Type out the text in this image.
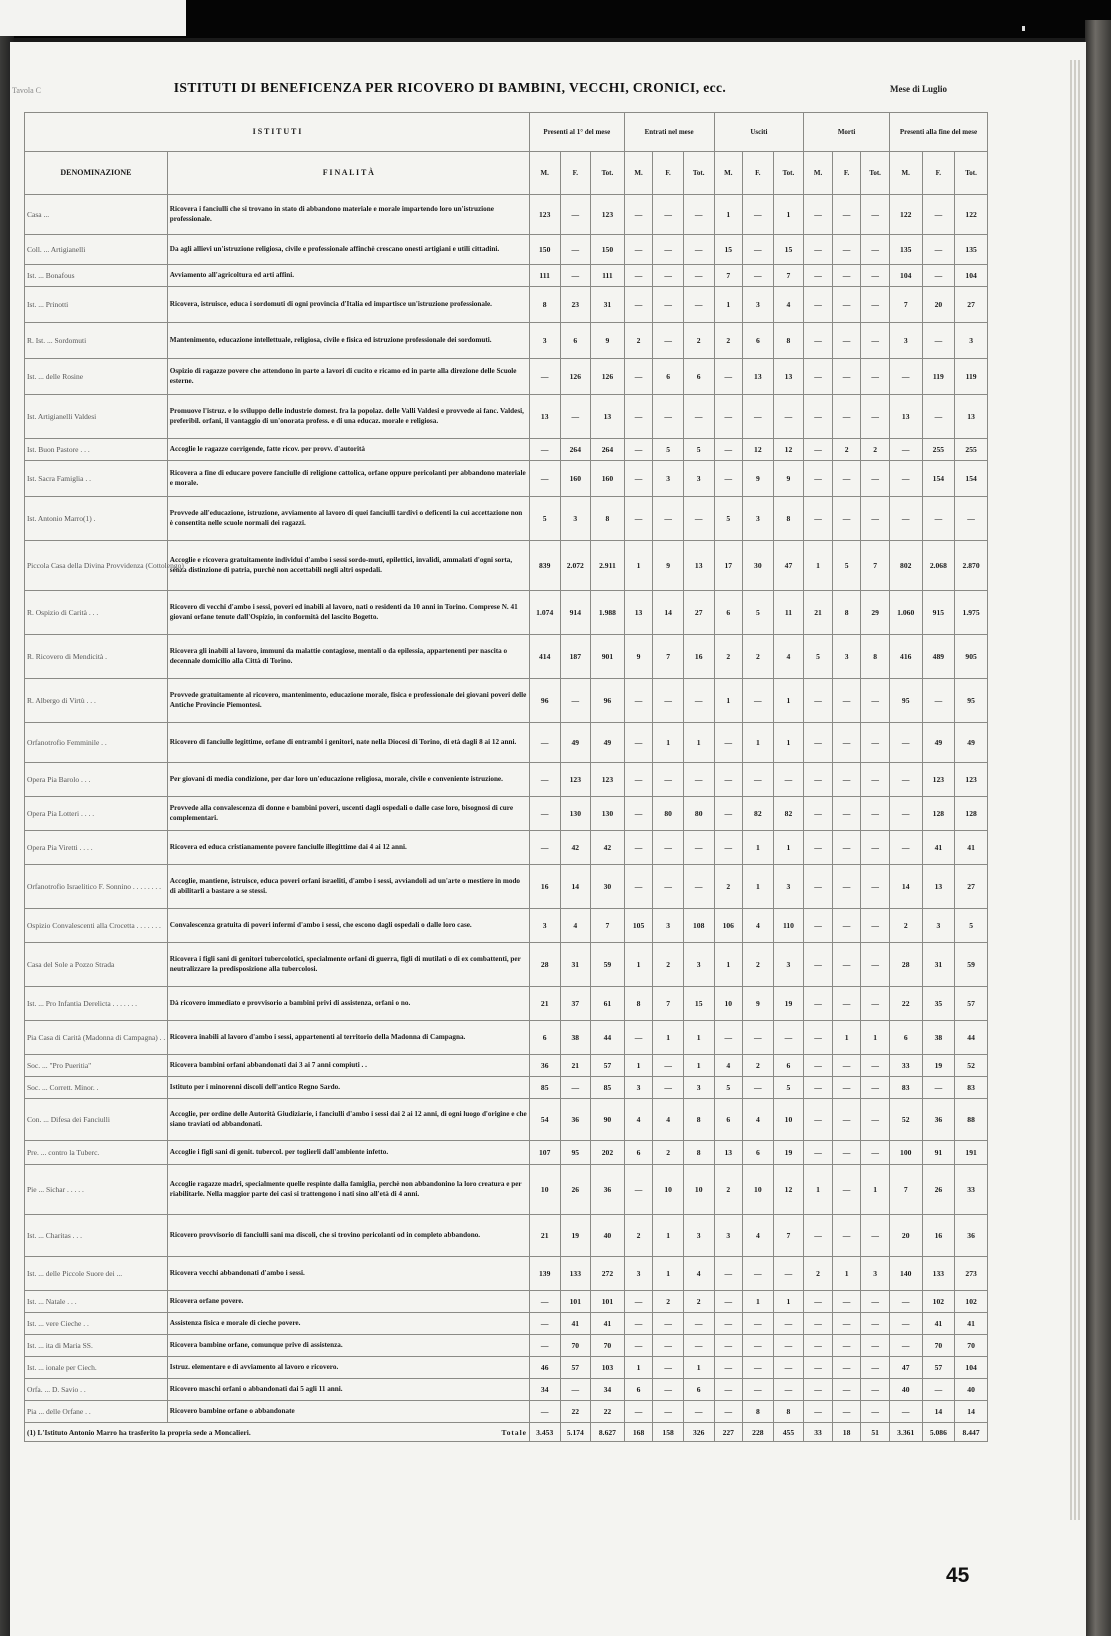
Tavola C	ISTITUTI DI BENEFICENZA PER RICOVERO DI BAMBINI, VECCHI, CRONICI, ecc.	Mese di Luglio
I S T I T U T I		Presenti al 1° del mese			Entrati nel mese			Usciti			Morti			Presenti alla fine del mese		
DENOMINAZIONE	F I N A L I T À	M.	F.	Tot.	M.	F.	Tot.	M.	F.	Tot.	M.	F.	Tot.	M.	F.	Tot.
Casa ...	Ricovera i fanciulli che si trovano in stato di abbandono materiale e morale impartendo loro un'istruzione professionale.	123	—	123	—	—	—	1	—	1	—	—	—	122	—	122
Coll. ... Artigianelli	Da agli allievi un'istruzione religiosa, civile e professionale affinchè crescano onesti artigiani e utili cittadini.	150	—	150	—	—	—	15	—	15	—	—	—	135	—	135
Ist. ... Bonafous	Avviamento all'agricoltura ed arti affini.	111	—	111	—	—	—	7	—	7	—	—	—	104	—	104
Ist. ... Prinotti	Ricovera, istruisce, educa i sordomuti di ogni provincia d'Italia ed impartisce un'istruzione professionale.	8	23	31	—	—	—	1	3	4	—	—	—	7	20	27
R. Ist. ... Sordomuti	Mantenimento, educazione intellettuale, religiosa, civile e fisica ed istruzione professionale dei sordomuti.	3	6	9	2	—	2	2	6	8	—	—	—	3	—	3
Ist. ... delle Rosine	Ospizio di ragazze povere che attendono in parte a lavori di cucito e ricamo ed in parte alla direzione delle Scuole esterne.	—	126	126	—	6	6	—	13	13	—	—	—	—	119	119
Ist. Artigianelli Valdesi	Promuove l'istruz. e lo sviluppo delle industrie domest. fra la popolaz. delle Valli Valdesi e provvede ai fanc. Valdesi, preferibil. orfani, il vantaggio di un'onorata profess. e di una educaz. morale e religiosa.	13	—	13	—	—	—	—	—	—	—	—	—	13	—	13
Ist. Buon Pastore . . .	Accoglie le ragazze corrigende, fatte ricov. per provv. d'autorità	—	264	264	—	5	5	—	12	12	—	2	2	—	255	255
Ist. Sacra Famiglia . .	Ricovera a fine di educare povere fanciulle di religione cattolica, orfane oppure pericolanti per abbandono materiale e morale.	—	160	160	—	3	3	—	9	9	—	—	—	—	154	154
Ist. Antonio Marro(1) .	Provvede all'educazione, istruzione, avviamento al lavoro di quei fanciulli tardivi o deficenti la cui accettazione non è consentita nelle scuole normali dei ragazzi.	5	3	8	—	—	—	5	3	8	—	—	—	—	—	—
Piccola Casa della Divina Provvidenza (Cottolengo)	Accoglie e ricovera gratuitamente individui d'ambo i sessi sordo-muti, epilettici, invalidi, ammalati d'ogni sorta, senza distinzione di patria, purchè non accettabili negli altri ospedali.	839	2.072	2.911	1	9	13	17	30	47	1	5	7	802	2.068	2.870
R. Ospizio di Carità . . .	Ricovero di vecchi d'ambo i sessi, poveri ed inabili al lavoro, nati o residenti da 10 anni in Torino. Comprese N. 41 giovani orfane tenute dall'Ospizio, in conformità del lascito Bogetto.	1.074	914	1.988	13	14	27	6	5	11	21	8	29	1.060	915	1.975
R. Ricovero di Mendicità .	Ricovera gli inabili al lavoro, immuni da malattie contagiose, mentali o da epilessia, appartenenti per nascita o decennale domicilio alla Città di Torino.	414	187	901	9	7	16	2	2	4	5	3	8	416	489	905
R. Albergo di Virtù . . .	Provvede gratuitamente al ricovero, mantenimento, educazione morale, fisica e professionale dei giovani poveri delle Antiche Provincie Piemontesi.	96	—	96	—	—	—	1	—	1	—	—	—	95	—	95
Orfanotrofio Femminile . .	Ricovero di fanciulle legittime, orfane di entrambi i genitori, nate nella Diocesi di Torino, di età dagli 8 ai 12 anni.	—	49	49	—	1	1	—	1	1	—	—	—	—	49	49
Opera Pia Barolo . . .	Per giovani di media condizione, per dar loro un'educazione religiosa, morale, civile e conveniente istruzione.	—	123	123	—	—	—	—	—	—	—	—	—	—	123	123
Opera Pia Lotteri . . . .	Provvede alla convalescenza di donne e bambini poveri, uscenti dagli ospedali o dalle case loro, bisognosi di cure complementari.	—	130	130	—	80	80	—	82	82	—	—	—	—	128	128
Opera Pia Viretti . . . .	Ricovera ed educa cristianamente povere fanciulle illegittime dai 4 ai 12 anni.	—	42	42	—	—	—	—	1	1	—	—	—	—	41	41
Orfanotrofio Israelitico F. Sonnino . . . . . . . .	Accoglie, mantiene, istruisce, educa poveri orfani israeliti, d'ambo i sessi, avviandoli ad un'arte o mestiere in modo di abilitarli a bastare a se stessi.	16	14	30	—	—	—	2	1	3	—	—	—	14	13	27
Ospizio Convalescenti alla Crocetta . . . . . . .	Convalescenza gratuita di poveri infermi d'ambo i sessi, che escono dagli ospedali o dalle loro case.	3	4	7	105	3	108	106	4	110	—	—	—	2	3	5
Casa del Sole a Pozzo Strada	Ricovera i figli sani di genitori tubercolotici, specialmente orfani di guerra, figli di mutilati o di ex combattenti, per neutralizzare la predisposizione alla tubercolosi.	28	31	59	1	2	3	1	2	3	—	—	—	28	31	59
Ist. ... Pro Infantia Derelicta . . . . . . .	Dà ricovero immediato e provvisorio a bambini privi di assistenza, orfani o no.	21	37	61	8	7	15	10	9	19	—	—	—	22	35	57
Pia Casa di Carità (Madonna di Campagna) . .	Ricovera inabili al lavoro d'ambo i sessi, appartenenti al territorio della Madonna di Campagna.	6	38	44	—	1	1	—	—	—	—	1	1	6	38	44
Soc. ... "Pro Pueritia"	Ricovera bambini orfani abbandonati dai 3 ai 7 anni compiuti . .	36	21	57	1	—	1	4	2	6	—	—	—	33	19	52
Soc. ... Corrett. Minor. .	Istituto per i minorenni discoli dell'antico Regno Sardo.	85	—	85	3	—	3	5	—	5	—	—	—	83	—	83
Con. ... Difesa dei Fanciulli	Accoglie, per ordine delle Autorità Giudiziarie, i fanciulli d'ambo i sessi dai 2 ai 12 anni, di ogni luogo d'origine e che siano traviati od abbandonati.	54	36	90	4	4	8	6	4	10	—	—	—	52	36	88
Pre. ... contro la Tuberc.	Accoglie i figli sani di genit. tubercol. per toglierli dall'ambiente infetto.	107	95	202	6	2	8	13	6	19	—	—	—	100	91	191
Pie ... Sichar . . . . .	Accoglie ragazze madri, specialmente quelle respinte dalla famiglia, perchè non abbandonino la loro creatura e per riabilitarle. Nella maggior parte dei casi si trattengono i nati sino all'età di 4 anni.	10	26	36	—	10	10	2	10	12	1	—	1	7	26	33
Ist. ... Charitas . . .	Ricovero provvisorio di fanciulli sani ma discoli, che si trovino pericolanti od in completo abbandono.	21	19	40	2	1	3	3	4	7	—	—	—	20	16	36
Ist. ... delle Piccole Suore dei ...	Ricovera vecchi abbandonati d'ambo i sessi.	139	133	272	3	1	4	—	—	—	2	1	3	140	133	273
Ist. ... Natale . . .	Ricovera orfane povere.	—	101	101	—	2	2	—	1	1	—	—	—	—	102	102
Ist. ... vere Cieche . .	Assistenza fisica e morale di cieche povere.	—	41	41	—	—	—	—	—	—	—	—	—	—	41	41
Ist. ... ita di Maria SS.	Ricovera bambine orfane, comunque prive di assistenza.	—	70	70	—	—	—	—	—	—	—	—	—	—	70	70
Ist. ... ionale per Ciech.	Istruz. elementare e di avviamento al lavoro e ricovero.	46	57	103	1	—	1	—	—	—	—	—	—	47	57	104
Orfa. ... D. Savio . .	Ricovero maschi orfani o abbandonati dai 5 agli 11 anni.	34	—	34	6	—	6	—	—	—	—	—	—	40	—	40
Pia ... delle Orfane . .	Ricovero bambine orfane o abbandonate	—	22	22	—	—	—	—	8	8	—	—	—	—	14	14
(1) L'Istituto Antonio Marro ha trasferito la propria sede a Moncalieri. Totale		3.453	5.174	8.627	168	158	326	227	228	455	33	18	51	3.361	5.086	8.447
45
